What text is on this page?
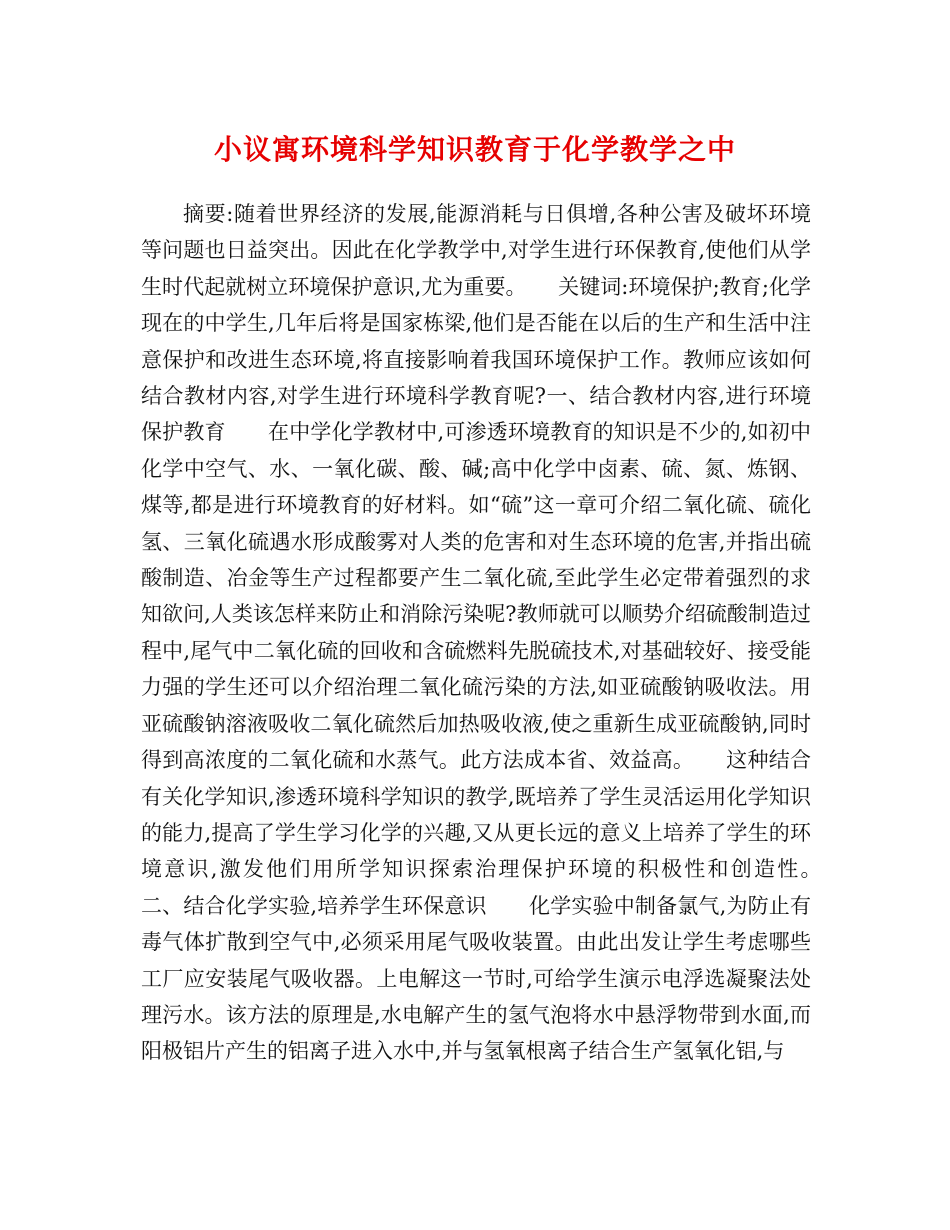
小议寓环境科学知识教育于化学教学之中

摘要:随着世界经济的发展,能源消耗与日俱增,各种公害及破坏环境等问题也日益突出。因此在化学教学中,对学生进行环保教育,使他们从学生时代起就树立环境保护意识,尤为重要。　　关键词:环境保护;教育;化学　　　　现在的中学生,几年后将是国家栋梁,他们是否能在以后的生产和生活中注意保护和改进生态环境,将直接影响着我国环境保护工作。教师应该如何结合教材内容,对学生进行环境科学教育呢?一、结合教材内容,进行环境保护教育　　在中学化学教材中,可渗透环境教育的知识是不少的,如初中化学中空气、水、一氧化碳、酸、碱;高中化学中卤素、硫、氮、炼钢、煤等,都是进行环境教育的好材料。如“硫”这一章可介绍二氧化硫、硫化氢、三氧化硫遇水形成酸雾对人类的危害和对生态环境的危害,并指出硫酸制造、冶金等生产过程都要产生二氧化硫,至此学生必定带着强烈的求知欲问,人类该怎样来防止和消除污染呢?教师就可以顺势介绍硫酸制造过程中,尾气中二氧化硫的回收和含硫燃料先脱硫技术,对基础较好、接受能力强的学生还可以介绍治理二氧化硫污染的方法,如亚硫酸钠吸收法。用亚硫酸钠溶液吸收二氧化硫然后加热吸收液,使之重新生成亚硫酸钠,同时得到高浓度的二氧化硫和水蒸气。此方法成本省、效益高。　　这种结合有关化学知识,渗透环境科学知识的教学,既培养了学生灵活运用化学知识的能力,提高了学生学习化学的兴趣,又从更长远的意义上培养了学生的环境意识,激发他们用所学知识探索治理保护环境的积极性和创造性。　　二、结合化学实验,培养学生环保意识　　化学实验中制备氯气,为防止有毒气体扩散到空气中,必须采用尾气吸收装置。由此出发让学生考虑哪些工厂应安装尾气吸收器。上电解这一节时,可给学生演示电浮选凝聚法处理污水。该方法的原理是,水电解产生的氢气泡将水中悬浮物带到水面,而阳极铝片产生的铝离子进入水中,并与氢氧根离子结合生产氢氧化铝,与
